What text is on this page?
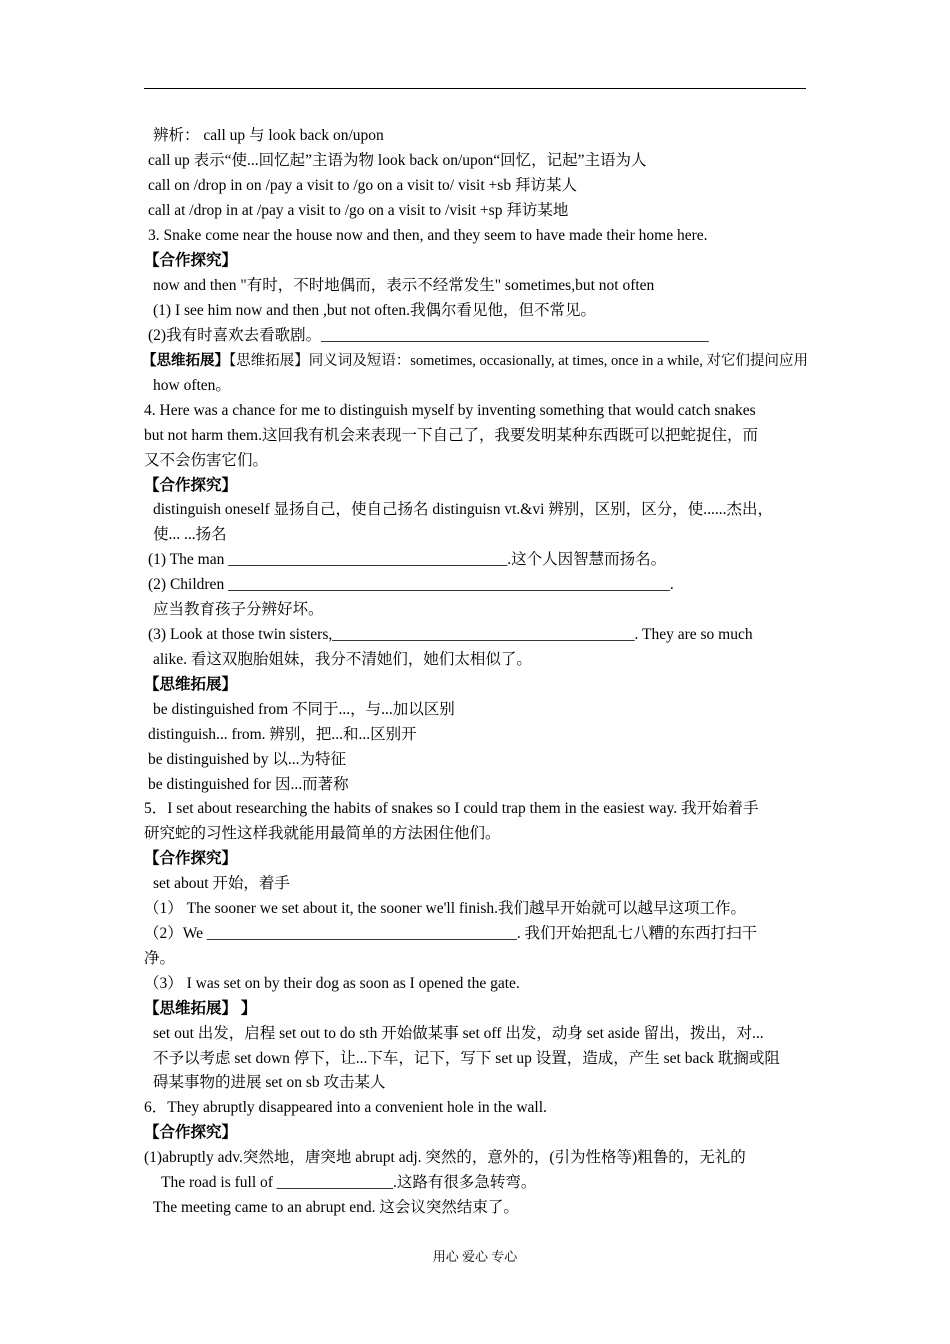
辨析： call up 与 look back on/upon
call up 表示“使...回忆起”主语为物 look back on/upon“回忆，记起”主语为人
call on /drop in on /pay a visit to /go on a visit to/ visit +sb 拜访某人
call at /drop in at /pay a visit to /go on a visit to /visit +sp 拜访某地
3. Snake come near the house now and then, and they seem to have made their home here.
【合作探究】
now and then "有时，不时地偶而，表示不经常发生" sometimes,but not often
(1) I see him now and then ,but not often.我偶尔看见他，但不常见。
(2)我有时喜欢去看歌剧。__________________________________________________
【思维拓展】【思维拓展】同义词及短语：sometimes, occasionally, at times, once in a while, 对它们提问应用
how often。
4. Here was a chance for me to distinguish myself by inventing something that would catch snakes
but not harm them.这回我有机会来表现一下自己了，我要发明某种东西既可以把蛇捉住，而
又不会伤害它们。
【合作探究】
distinguish oneself 显扬自己，使自己扬名 distinguisn vt.&vi 辨别，区别，区分，使......杰出，
使... ...扬名
(1) The man ____________________________________.这个人因智慧而扬名。
(2) Children _________________________________________________________.
应当教育孩子分辨好坏。
(3) Look at those twin sisters,_______________________________________. They are so much
alike. 看这双胞胎姐妹，我分不清她们，她们太相似了。
【思维拓展】
be distinguished from 不同于...，与...加以区别
distinguish... from. 辨别，把...和...区别开
be distinguished by 以...为特征
be distinguished for 因...而著称
5．I set about researching the habits of snakes so I could trap them in the easiest way. 我开始着手
研究蛇的习性这样我就能用最简单的方法困住他们。
【合作探究】
set about 开始，着手
（1） The sooner we set about it, the sooner we'll finish.我们越早开始就可以越早这项工作。
（2）We ________________________________________. 我们开始把乱七八糟的东西打扫干
净。
（3） I was set on by their dog as soon as I opened the gate.
【思维拓展】 】
set out 出发，启程 set out to do sth 开始做某事 set off 出发，动身 set aside 留出，拨出，对...
不予以考虑 set down 停下，让...下车，记下，写下 set up 设置，造成，产生 set back 耽搁或阻
碍某事物的进展 set on sb 攻击某人
6．They abruptly disappeared into a convenient hole in the wall.
【合作探究】
(1)abruptly adv.突然地，唐突地 abrupt adj. 突然的，意外的，(引为性格等)粗鲁的，无礼的
The road is full of _______________.这路有很多急转弯。
The meeting came to an abrupt end. 这会议突然结束了。
用心 爱心 专心
